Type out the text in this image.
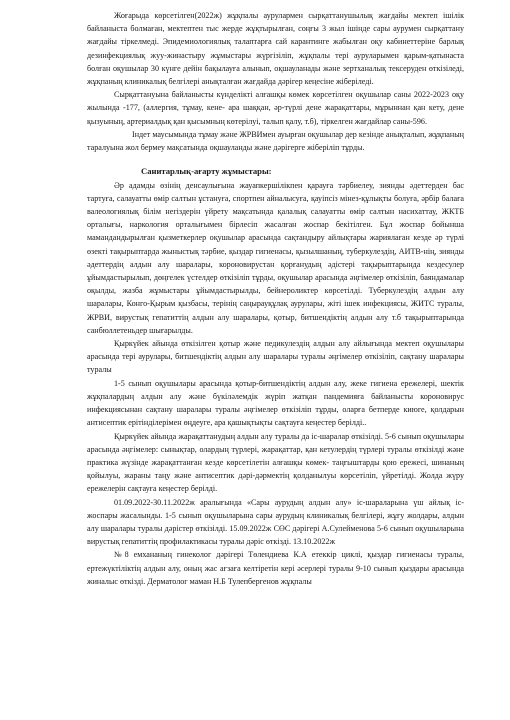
Жоғарыда көрсетілген(2022ж) жұқпалы аурулармен сырқаттанушылық жағдайы мектеп ішілік байланыста болмаған, мектептен тыс жерде жұқтырылған, соңғы 3 жыл ішінде сары аурумен сырқаттану жағдайы тіркелмеді. Эпидемиологиялық талаптарға сай карантинге жабылған оқу кабинеттеріне барлық дезинфекциялық жуу-жинастыру жұмыстары жүргізіліп, жұқпалы тері ауруларымен қарым-қатынаста болған оқушылар 30 күнге дейін бақылауға алынып, оқшауланады және зертханалық тексеруден өткізіледі, жұқпаның клиникалық белгілері анықталған жағдайда дәрігер кеңесіне жіберіледі.

Сырқаттануына байланысты күнделікті алғашқы көмек көрсетілген оқушылар саны 2022-2023 оқу жылында -177, (аллергия, тұмау, кене- ара шаққан, әр-түрлі дене жарақаттары, мұрыннан қан кету, дене қызуының, артериалдық қан қысымның көтерілуі, талып қалу, т.б), тіркелген жағдайлар саны-596.

Індет маусымында тұмау және ЖРВИмен ауырған оқушылар дер кезінде анықталып, жұқпаның таралуына жол бермеу мақсатында оқшауланды және дәрігерге жіберіліп тұрды.

Санитарлық-ағарту жұмыстары:

Әр адамды өзінің денсаулығына жауапкершілікпен қарауға тәрбиелеу, зиянды әдеттерден бас тартуға, салауатты өмір салтын ұстануға, спортпен айналысуға, қауіпсіз мінез-құлықты болуға, әрбір балаға валеологиялық білім негіздерін үйрету мақсатында қалалық салауатты өмір салтын насихаттау, ЖКТБ орталығы, наркология орталығымен бірлесіп жасалған жоспар бекітілген. Бұл жоспар бойынша мамандандырылған қызметкерлер оқушылар арасында сақтандыру айлықтары жариялаған кезде әр түрлі өзекті тақырыптарда жыныстық тәрбие, қыздар гигиенасы, қызылшаның, туберкулездің, АИТВ-нің, зиянды әдеттердің алдын алу шаралары, короновирустан қорғанудың әдістері тақырыптарында кездесулер ұйымдастырылып, дөңгелек үстелдер өткізіліп тұрды, оқушылар арасында әңгімелер өткізіліп, баяндамалар оқылды, жазба жұмыстары ұйымдастырылды, бейнероликтер көрсетілді. Туберкулездің алдын алу шаралары, Конго-Қырым қызбасы, терінің саңырауқұлақ аурулары, жіті ішек инфекциясы, ЖИТС туралы, ЖРВИ, вирустық гепатиттің алдын алу шаралары, қотыр, битшендіктің алдын алу т.б тақырыптарында санбюллетеньдер шығарылды.

Қыркүйек айында өткізілген қотыр және педикулездің алдын алу айлығында мектеп оқушылары арасында тері аурулары, битшендіктің алдын алу шаралары туралы әңгімелер өткізіліп, сақтану шаралары туралы

1-5 сынып оқушылары арасында қотыр-битшендіктің алдын алу, жеке гигиена ережелері, шектік жұқпалардың алдын алу және бүкіләлемдік жүріп жатқан пандемияға байланысты короновирус инфекциясынан сақтану шаралары туралы әңгімелер өткізіліп тұрды, оларға бетперде киюге, қолдарын антисептик ерітінділерімен өңдеуге, ара қашықтықты сақтауға кеңестер берілді..

Қыркүйек айында жарақаттанудың алдын алу туралы да іс-шаралар өткізілді. 5-6 сынып оқушылары арасында әңгімелер: сынықтар, олардың түрлері, жарақаттар, қан кетулердің түрлері туралы өткізілді және практика жүзінде жарақаттанған кезде көрсетілетін алғашқы көмек- таңғыштарды қою ережесі, шинаның қойылуы, жараны таңу және антисептик дәрі-дәрмектің қолданылуы көрсетіліп, үйретілді. Жолда жүру ережелерін сақтауға кеңестер берілді.

01.09.2022-30.11.2022ж аралығында «Сары аурудың алдын алу» іс-шараларына үш айлық іс-жоспары жасалынды. 1-5 сынып оқушыларына сары аурудың клиникалық белгілері, жұғу жолдары, алдын алу шаралары туралы дәрістер өткізілді. 15.09.2022ж СӨС дәрігері А.Сулейменова 5-6 сынып оқушыларына вирустық гепатиттің профилактикасы туралы дәріс өткізді. 13.10.2022ж

№8 емхананың гинеколог дәрігері Төлендиева К.А етеккір циклі, қыздар гигиенасы туралы, ертежүктіліктің алдын алу, оның жас ағзаға келтіретін кері әсерлері туралы 9-10 сынып қыздары арасында жиналыс өткізді. Дерматолог маман Н.Б Тулепбергенов жұқпалы
